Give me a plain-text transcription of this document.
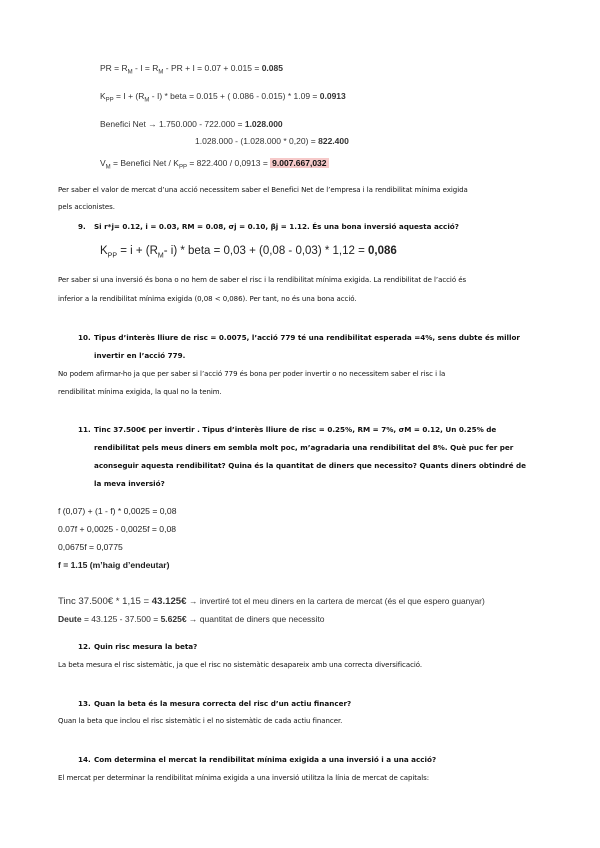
PR = $R_M - I = R_M$ - PR + I = 0.07 + 0.015 = 0.085
$K_{PP} = I + (R_M - I)$ * beta = 0.015 + ( 0.086 - 0.015) * 1.09 = 0.0913
Benefici Net → 1.750.000 - 722.000 = 1.028.000
1.028.000 - (1.028.000 * 0,20) = 822.400
$V_M$ = Benefici Net / $K_{PP} = 822.400 / 0,0913 = 9.007.667,032$
Per saber el valor de mercat d’una acció necessitem saber el Benefici Net de l’empresa i la rendibilitat mínima exigida
pels accionistes.
9. Si r*j= 0.12, i = 0.03, RM = 0.08, σj = 0.10, βj = 1.12. És una bona inversió aquesta acció?
$K_{PP} = i + (R_M-$ i) * beta = 0,03 + (0,08 - 0,03) * 1,12 = 0,086
Per saber si una inversió és bona o no hem de saber el risc i la rendibilitat mínima exigida. La rendibilitat de l’acció és
inferior a la rendibilitat mínima exigida (0,08 < 0,086). Per tant, no és una bona acció.
10. Tipus d’interès lliure de risc = 0.0075, l’acció 779 té una rendibilitat esperada =4%, sens dubte és millor
invertir en l’acció 779.
No podem afirmar-ho ja que per saber si l’acció 779 és bona per poder invertir o no necessitem saber el risc i la
rendibilitat mínima exigida, la qual no la tenim.
11. Tinc 37.500€ per invertir . Tipus d’interès lliure de risc = 0.25%, RM = 7%, σM = 0.12, Un 0.25% de
rendibilitat pels meus diners em sembla molt poc, m’agradaria una rendibilitat del 8%. Què puc fer per
aconseguir aquesta rendibilitat? Quina és la quantitat de diners que necessito? Quants diners obtindré de
la meva inversió?
f (0,07) + (1 - f) * 0,0025 = 0,08
0.07f + 0,0025 - 0,0025f = 0,08
0,0675f = 0,0775
f = 1.15 (m’haig d’endeutar)
Tinc 37.500€ * 1,15 = 43.125€ → invertiré tot el meu diners en la cartera de mercat (és el que espero guanyar)
Deute = 43.125 - 37.500 = 5.625€ → quantitat de diners que necessito
12. Quin risc mesura la beta?
La beta mesura el risc sistemàtic, ja que el risc no sistemàtic desapareix amb una correcta diversificació.
13. Quan la beta és la mesura correcta del risc d’un actiu financer?
Quan la beta que inclou el risc sistemàtic i el no sistemàtic de cada actiu financer.
14. Com determina el mercat la rendibilitat mínima exigida a una inversió i a una acció?
El mercat per determinar la rendibilitat mínima exigida a una inversió utilitza la línia de mercat de capitals:
